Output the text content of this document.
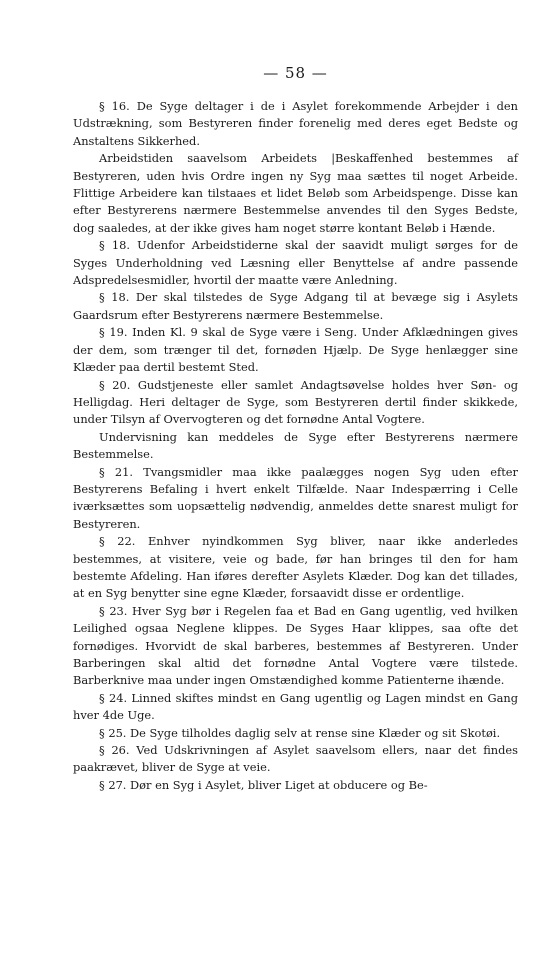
— 58 —

§ 16. De Syge deltager i de i Asylet forekommende Arbejder i den Udstrækning, som Bestyreren finder forenelig med deres eget Bedste og Anstaltens Sikkerhed.

Arbeidstiden saavelsom Arbeidets |Beskaffenhed bestemmes af Bestyreren, uden hvis Ordre ingen ny Syg maa sættes til noget Arbeide. Flittige Arbeidere kan tilstaaes et lidet Beløb som Arbeidspenge. Disse kan efter Bestyrerens nærmere Bestemmelse anvendes til den Syges Bedste, dog saaledes, at der ikke gives ham noget større kontant Beløb i Hænde.

§ 18. Udenfor Arbeidstiderne skal der saavidt muligt sørges for de Syges Underholdning ved Læsning eller Benyttelse af andre passende Adspredelsesmidler, hvortil der maatte være Anledning.

§ 18. Der skal tilstedes de Syge Adgang til at bevæge sig i Asylets Gaardsrum efter Bestyrerens nærmere Bestemmelse.

§ 19. Inden Kl. 9 skal de Syge være i Seng. Under Afklædningen gives der dem, som trænger til det, fornøden Hjælp. De Syge henlægger sine Klæder paa dertil bestemt Sted.

§ 20. Gudstjeneste eller samlet Andagtsøvelse holdes hver Søn- og Helligdag. Heri deltager de Syge, som Bestyreren dertil finder skikkede, under Tilsyn af Overvogteren og det fornødne Antal Vogtere.

Undervisning kan meddeles de Syge efter Bestyrerens nærmere Bestemmelse.

§ 21. Tvangsmidler maa ikke paalægges nogen Syg uden efter Bestyrerens Befaling i hvert enkelt Tilfælde. Naar Indespærring i Celle iværksættes som uopsættelig nødvendig, anmeldes dette snarest muligt for Bestyreren.

§ 22. Enhver nyindkommen Syg bliver, naar ikke anderledes bestemmes, at visitere, veie og bade, før han bringes til den for ham bestemte Afdeling. Han iføres derefter Asylets Klæder. Dog kan det tillades, at en Syg benytter sine egne Klæder, forsaavidt disse er ordentlige.

§ 23. Hver Syg bør i Regelen faa et Bad en Gang ugentlig, ved hvilken Leilighed ogsaa Neglene klippes. De Syges Haar klippes, saa ofte det fornødiges. Hvorvidt de skal barberes, bestemmes af Bestyreren. Under Barberingen skal altid det fornødne Antal Vogtere være tilstede. Barberknive maa under ingen Omstændighed komme Patienterne ihænde.

§ 24. Linned skiftes mindst en Gang ugentlig og Lagen mindst en Gang hver 4de Uge.

§ 25. De Syge tilholdes daglig selv at rense sine Klæder og sit Skotøi.

§ 26. Ved Udskrivningen af Asylet saavelsom ellers, naar det findes paakrævet, bliver de Syge at veie.

§ 27. Dør en Syg i Asylet, bliver Liget at obducere og Be-
